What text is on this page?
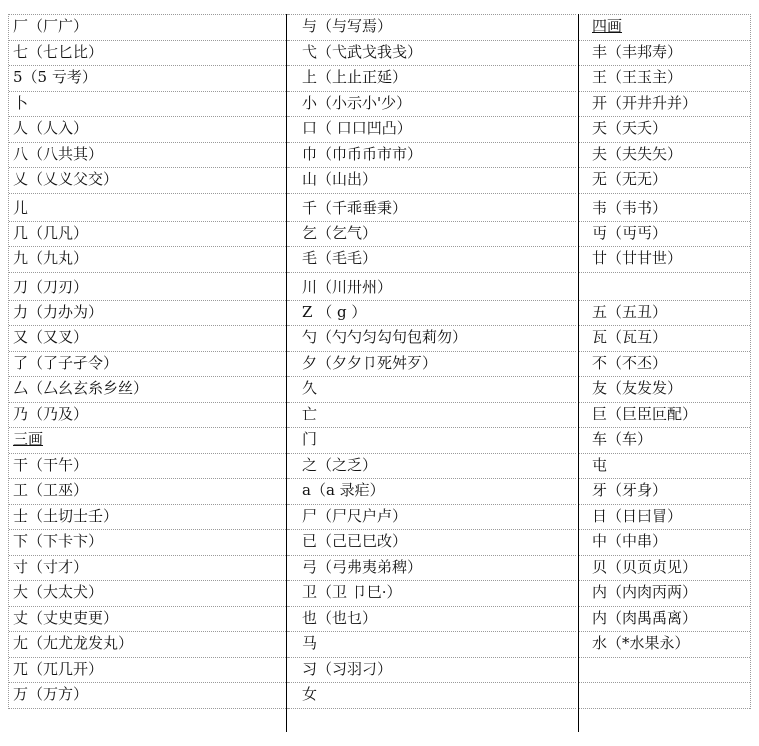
厂（厂广）
七（七匕比）
5（5 亏考）
卜
人（人入）
八（八共其）
乂（乂义父交）
儿
几（几凡）
九（九丸）
刀（刀刃）
力（力办为）
又（又叉）
了（了子孑令）
厶（厶幺玄糸乡丝）
乃（乃及）
三画
干（干午）
工（工巫）
士（土切士壬）
下（下卡卞）
寸（寸才）
大（大太犬）
丈（丈史吏更）
尢（尢尤龙发丸）
兀（兀几开）
万（万方）
与（与写焉）
弋（弋武戈我戋）
上（上止正延）
小（小示小'少）
口（ 口口凹凸）
巾（巾币币市市）
山（山出）
千（千乖垂秉）
乞（乞气）
毛（毛毛）
川（川卅州）
Z （ g ）
勺（勺勺匀勾句包莉勿）
夕（夕夕卩死舛歹）
久
亡
门
之（之乏）
a（a 录疟）
尸（尸尺户卢）
已（己已巳改）
弓（弓弗夷弟稗）
卫（卫 卩巳·）
也（也乜）
马
习（习羽刁）
女
四画
丰（丰邦寿）
王（王玉主）
开（开井升并）
天（天夭）
夫（夫失矢）
无（无无）
韦（韦书）
丏（丏丐）
廿（廿甘世）
五（五丑）
瓦（瓦互）
不（不丕）
友（友发发）
巨（巨臣叵配）
车（车）
屯
牙（牙身）
日（日曰冒）
中（中串）
贝（贝页贞见）
内（内肉丙两）
内（肉禺禹离）
水（*水果永）
